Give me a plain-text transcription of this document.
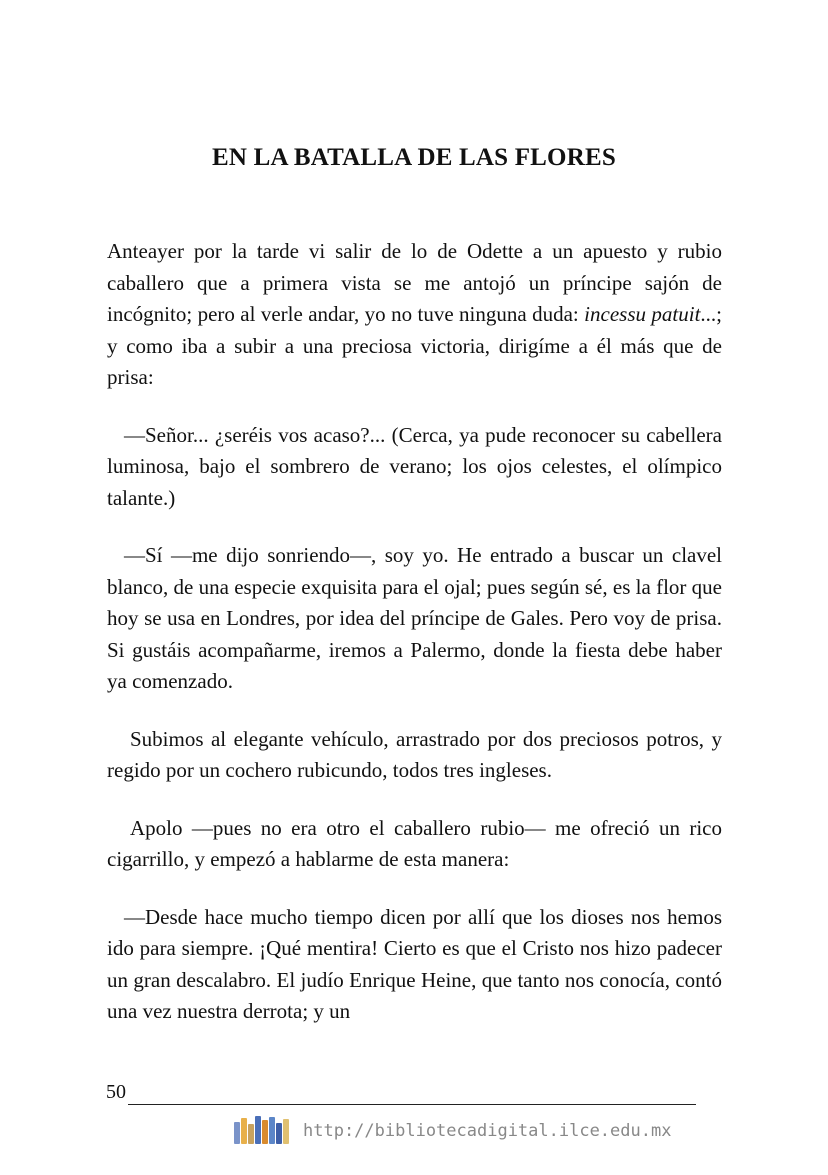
EN LA BATALLA DE LAS FLORES

Anteayer por la tarde vi salir de lo de Odette a un apuesto y rubio caballero que a primera vista se me antojó un príncipe sajón de incógnito; pero al verle andar, yo no tuve ninguna duda: incessu patuit...; y como iba a subir a una preciosa victoria, dirigíme a él más que de prisa:

—Señor... ¿seréis vos acaso?... (Cerca, ya pude reconocer su cabellera luminosa, bajo el sombrero de verano; los ojos celestes, el olímpico talante.)

—Sí —me dijo sonriendo—, soy yo. He entrado a buscar un clavel blanco, de una especie exquisita para el ojal; pues según sé, es la flor que hoy se usa en Londres, por idea del príncipe de Gales. Pero voy de prisa. Si gustáis acompañarme, iremos a Palermo, donde la fiesta debe haber ya comenzado.

Subimos al elegante vehículo, arrastrado por dos preciosos potros, y regido por un cochero rubicundo, todos tres ingleses.

Apolo —pues no era otro el caballero rubio— me ofreció un rico cigarrillo, y empezó a hablarme de esta manera:

—Desde hace mucho tiempo dicen por allí que los dioses nos hemos ido para siempre. ¡Qué mentira! Cierto es que el Cristo nos hizo padecer un gran descalabro. El judío Enrique Heine, que tanto nos conocía, contó una vez nuestra derrota; y un

50
http://bibliotecadigital.ilce.edu.mx
